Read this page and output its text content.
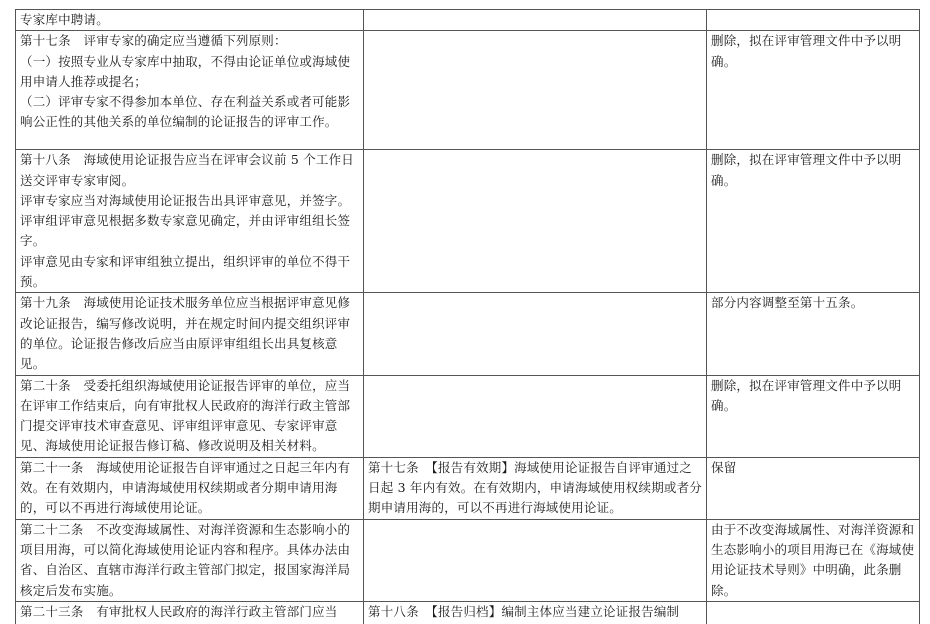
专家库中聘请。		

第十七条　评审专家的确定应当遵循下列原则：
（一）按照专业从专家库中抽取，不得由论证单位或海域使用申请人推荐或提名；
（二）评审专家不得参加本单位、存在利益关系或者可能影响公正性的其他关系的单位编制的论证报告的评审工作。		删除，拟在评审管理文件中予以明确。

第十八条　海域使用论证报告应当在评审会议前 5 个工作日送交评审专家审阅。
评审专家应当对海域使用论证报告出具评审意见，并签字。评审组评审意见根据多数专家意见确定，并由评审组组长签字。
评审意见由专家和评审组独立提出，组织评审的单位不得干预。		删除，拟在评审管理文件中予以明确。

第十九条　海域使用论证技术服务单位应当根据评审意见修改论证报告，编写修改说明，并在规定时间内提交组织评审的单位。论证报告修改后应当由原评审组组长出具复核意见。		部分内容调整至第十五条。

第二十条　受委托组织海域使用论证报告评审的单位，应当在评审工作结束后，向有审批权人民政府的海洋行政主管部门提交评审技术审查意见、评审组评审意见、专家评审意见、海域使用论证报告修订稿、修改说明及相关材料。		删除，拟在评审管理文件中予以明确。

第二十一条　海域使用论证报告自评审通过之日起三年内有效。在有效期内，申请海域使用权续期或者分期申请用海的，可以不再进行海域使用论证。	第十七条　【报告有效期】海域使用论证报告自评审通过之日起 3 年内有效。在有效期内，申请海域使用权续期或者分期申请用海的，可以不再进行海域使用论证。	保留

第二十二条　不改变海域属性、对海洋资源和生态影响小的项目用海，可以简化海域使用论证内容和程序。具体办法由省、自治区、直辖市海洋行政主管部门拟定，报国家海洋局核定后发布实施。		由于不改变海域属性、对海洋资源和生态影响小的项目用海已在《海域使用论证技术导则》中明确，此条删除。

第二十三条　有审批权人民政府的海洋行政主管部门应当	第十八条　【报告归档】编制主体应当建立论证报告编制	
